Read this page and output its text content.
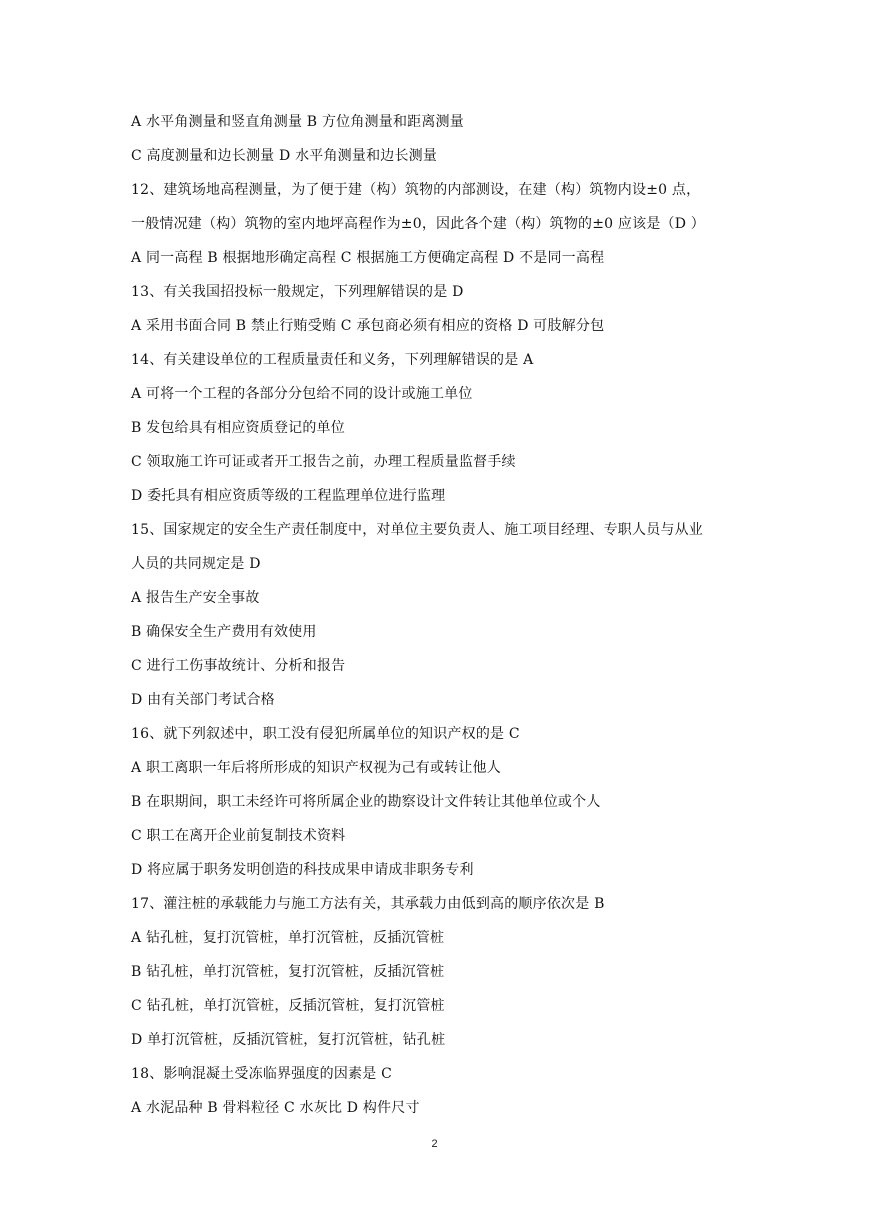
A 水平角测量和竖直角测量 B 方位角测量和距离测量
C 高度测量和边长测量 D 水平角测量和边长测量
12、建筑场地高程测量，为了便于建（构）筑物的内部测设，在建（构）筑物内设±0 点，
一般情况建（构）筑物的室内地坪高程作为±0，因此各个建（构）筑物的±0 应该是（D ）
A 同一高程 B 根据地形确定高程 C 根据施工方便确定高程 D 不是同一高程
13、有关我国招投标一般规定，下列理解错误的是 D
A 采用书面合同 B 禁止行贿受贿 C 承包商必须有相应的资格 D 可肢解分包
14、有关建设单位的工程质量责任和义务，下列理解错误的是 A
A 可将一个工程的各部分分包给不同的设计或施工单位
B 发包给具有相应资质登记的单位
C 领取施工许可证或者开工报告之前，办理工程质量监督手续
D 委托具有相应资质等级的工程监理单位进行监理
15、国家规定的安全生产责任制度中，对单位主要负责人、施工项目经理、专职人员与从业
人员的共同规定是 D
A 报告生产安全事故
B 确保安全生产费用有效使用
C 进行工伤事故统计、分析和报告
D 由有关部门考试合格
16、就下列叙述中，职工没有侵犯所属单位的知识产权的是 C
A 职工离职一年后将所形成的知识产权视为己有或转让他人
B 在职期间，职工未经许可将所属企业的勘察设计文件转让其他单位或个人
C 职工在离开企业前复制技术资料
D 将应属于职务发明创造的科技成果申请成非职务专利
17、灌注桩的承载能力与施工方法有关，其承载力由低到高的顺序依次是 B
A 钻孔桩，复打沉管桩，单打沉管桩，反插沉管桩
B 钻孔桩，单打沉管桩，复打沉管桩，反插沉管桩
C 钻孔桩，单打沉管桩，反插沉管桩，复打沉管桩
D 单打沉管桩，反插沉管桩，复打沉管桩，钻孔桩
18、影响混凝土受冻临界强度的因素是 C
A 水泥品种 B 骨料粒径 C 水灰比 D 构件尺寸
2
